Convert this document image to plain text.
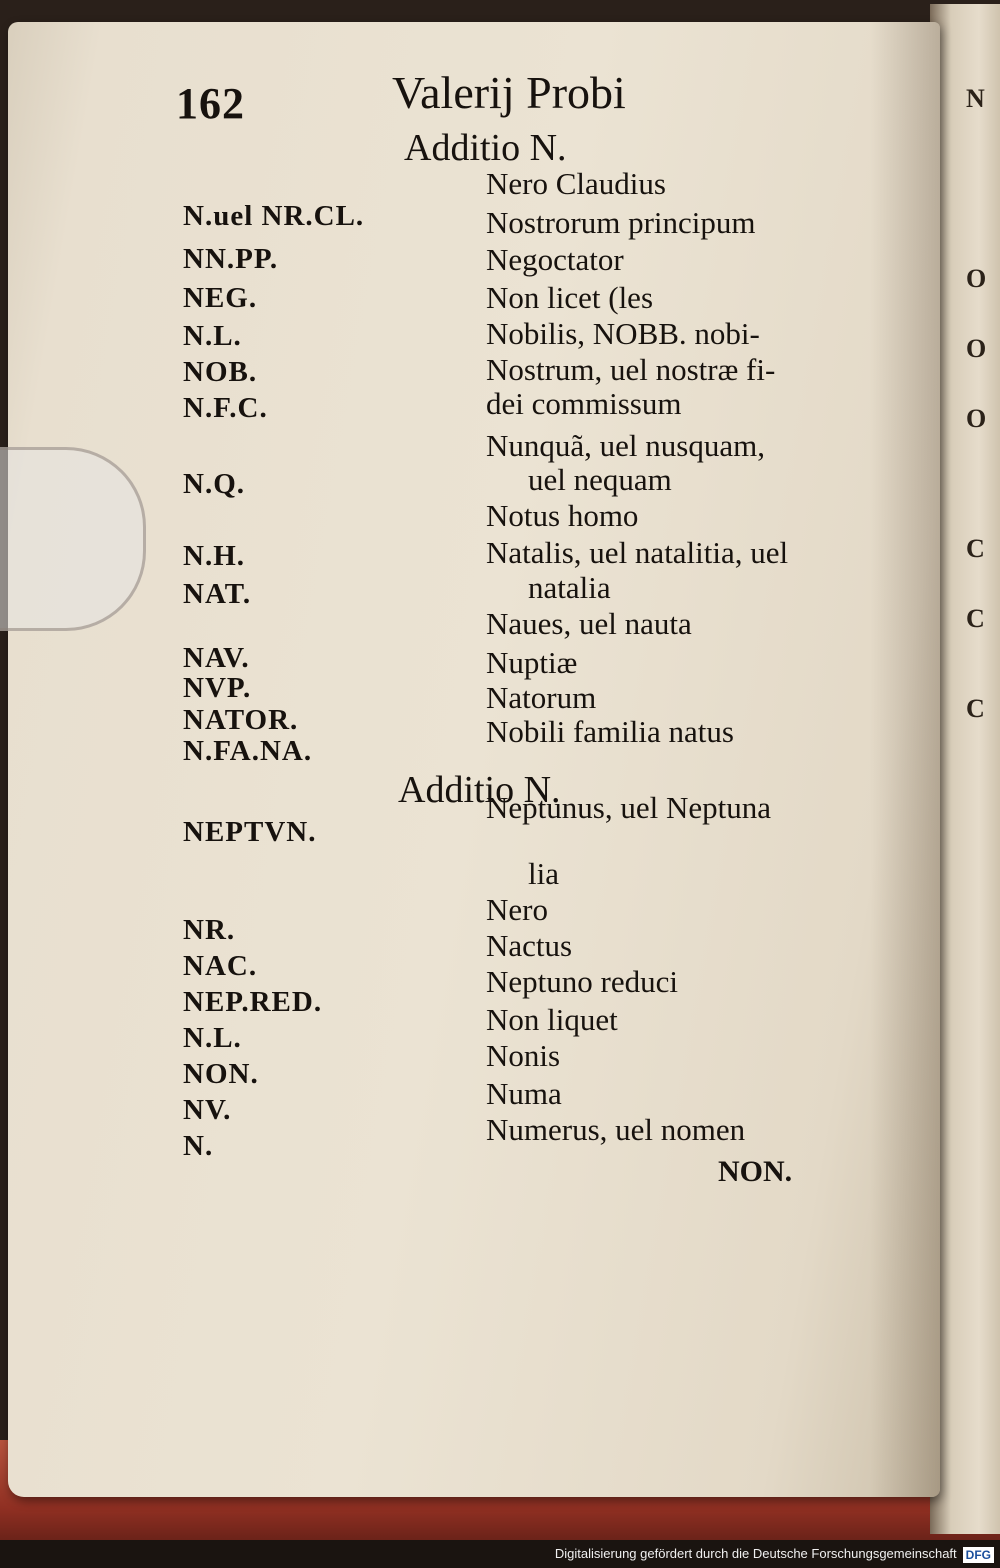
N
O
O
O
C
C
C
162	Valerij Probi
Additio N.
N.uel NR.CL.
NN.PP.
NEG.
N.L.
NOB.
N.F.C.
N.Q.
N.H.
NAT.
NAV.
NVP.
NATOR.
N.FA.NA.
Nero Claudius
Nostrorum principum
Negoctator
Non licet (les
Nobilis, NOBB. nobi-
Nostrum, uel nostræ fi-
dei commissum
Nunquã, uel nusquam,
uel nequam
Notus homo
Natalis, uel natalitia, uel
natalia
Naues, uel nauta
Nuptiæ
Natorum
Nobili familia natus
Additio N.
NEPTVN.
NR.
NAC.
NEP.RED.
N.L.
NON.
NV.
N.
Neptunus, uel Neptuna
lia
Nero
Nactus
Neptuno reduci
Non liquet
Nonis
Numa
Numerus, uel nomen
NON.
Digitalisierung gefördert durch die Deutsche Forschungsgemeinschaft DFG
